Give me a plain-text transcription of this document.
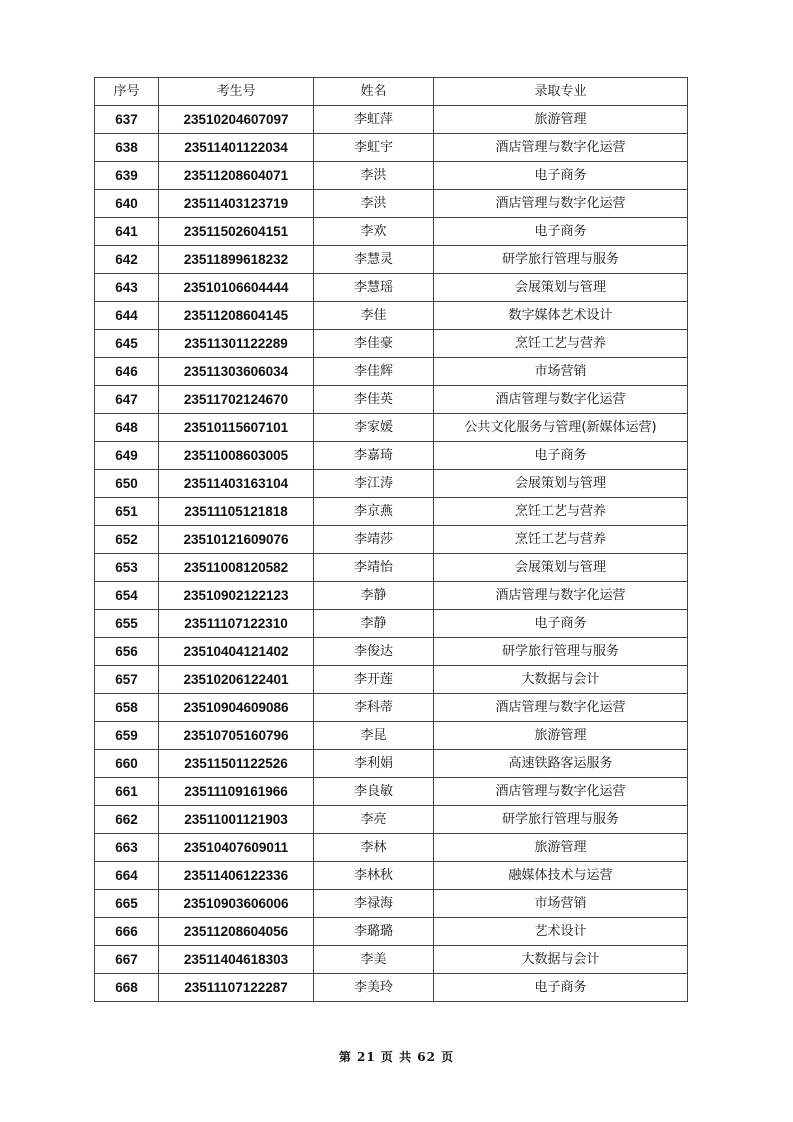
序号	考生号	姓名	录取专业
637	23510204607097	李虹萍	旅游管理
638	23511401122034	李虹宇	酒店管理与数字化运营
639	23511208604071	李洪	电子商务
640	23511403123719	李洪	酒店管理与数字化运营
641	23511502604151	李欢	电子商务
642	23511899618232	李慧灵	研学旅行管理与服务
643	23510106604444	李慧瑶	会展策划与管理
644	23511208604145	李佳	数字媒体艺术设计
645	23511301122289	李佳豪	烹饪工艺与营养
646	23511303606034	李佳辉	市场营销
647	23511702124670	李佳英	酒店管理与数字化运营
648	23510115607101	李家媛	公共文化服务与管理(新媒体运营)
649	23511008603005	李嘉琦	电子商务
650	23511403163104	李江涛	会展策划与管理
651	23511105121818	李京燕	烹饪工艺与营养
652	23510121609076	李靖莎	烹饪工艺与营养
653	23511008120582	李靖怡	会展策划与管理
654	23510902122123	李静	酒店管理与数字化运营
655	23511107122310	李静	电子商务
656	23510404121402	李俊达	研学旅行管理与服务
657	23510206122401	李开莲	大数据与会计
658	23510904609086	李科蒂	酒店管理与数字化运营
659	23510705160796	李昆	旅游管理
660	23511501122526	李利娟	高速铁路客运服务
661	23511109161966	李良敏	酒店管理与数字化运营
662	23511001121903	李亮	研学旅行管理与服务
663	23510407609011	李林	旅游管理
664	23511406122336	李林秋	融媒体技术与运营
665	23510903606006	李禄海	市场营销
666	23511208604056	李璐璐	艺术设计
667	23511404618303	李美	大数据与会计
668	23511107122287	李美玲	电子商务
第 21 页 共 62 页
